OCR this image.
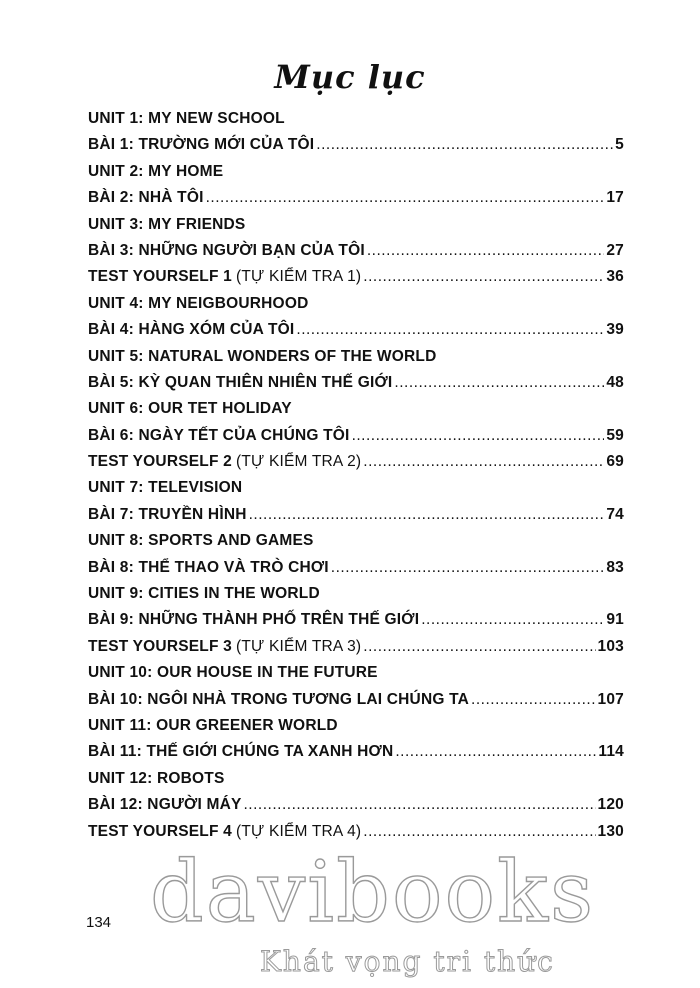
Mục lục
UNIT 1: MY NEW SCHOOL
BÀI 1: TRƯỜNG MỚI CỦA TÔI .....	5
UNIT 2: MY HOME
BÀI 2: NHÀ TÔI .....	17
UNIT 3: MY FRIENDS
BÀI 3: NHỮNG NGƯỜI BẠN CỦA TÔI .....	27
TEST YOURSELF 1 (TỰ KIỂM TRA 1) .....	36
UNIT 4: MY NEIGBOURHOOD
BÀI 4: HÀNG XÓM CỦA TÔI .....	39
UNIT 5: NATURAL WONDERS OF THE WORLD
BÀI 5: KỲ QUAN THIÊN NHIÊN THẾ GIỚI .....	48
UNIT 6: OUR TET HOLIDAY
BÀI 6: NGÀY TẾT CỦA CHÚNG TÔI .....	59
TEST YOURSELF 2 (TỰ KIỂM TRA 2) .....	69
UNIT 7: TELEVISION
BÀI 7: TRUYỀN HÌNH .....	74
UNIT 8: SPORTS AND GAMES
BÀI 8: THỂ THAO VÀ TRÒ CHƠI .....	83
UNIT 9: CITIES IN THE WORLD
BÀI 9: NHỮNG THÀNH PHỐ TRÊN THẾ GIỚI .....	91
TEST YOURSELF 3 (TỰ KIỂM TRA 3) .....	103
UNIT 10: OUR HOUSE IN THE FUTURE
BÀI 10: NGÔI NHÀ TRONG TƯƠNG LAI CHÚNG TA .....	107
UNIT 11: OUR GREENER WORLD
BÀI 11: THẾ GIỚI CHÚNG TA XANH HƠN .....	114
UNIT 12: ROBOTS
BÀI 12: NGƯỜI MÁY .....	120
TEST YOURSELF 4 (TỰ KIỂM TRA 4) .....	130
davibooks
Khát vọng tri thức
134
